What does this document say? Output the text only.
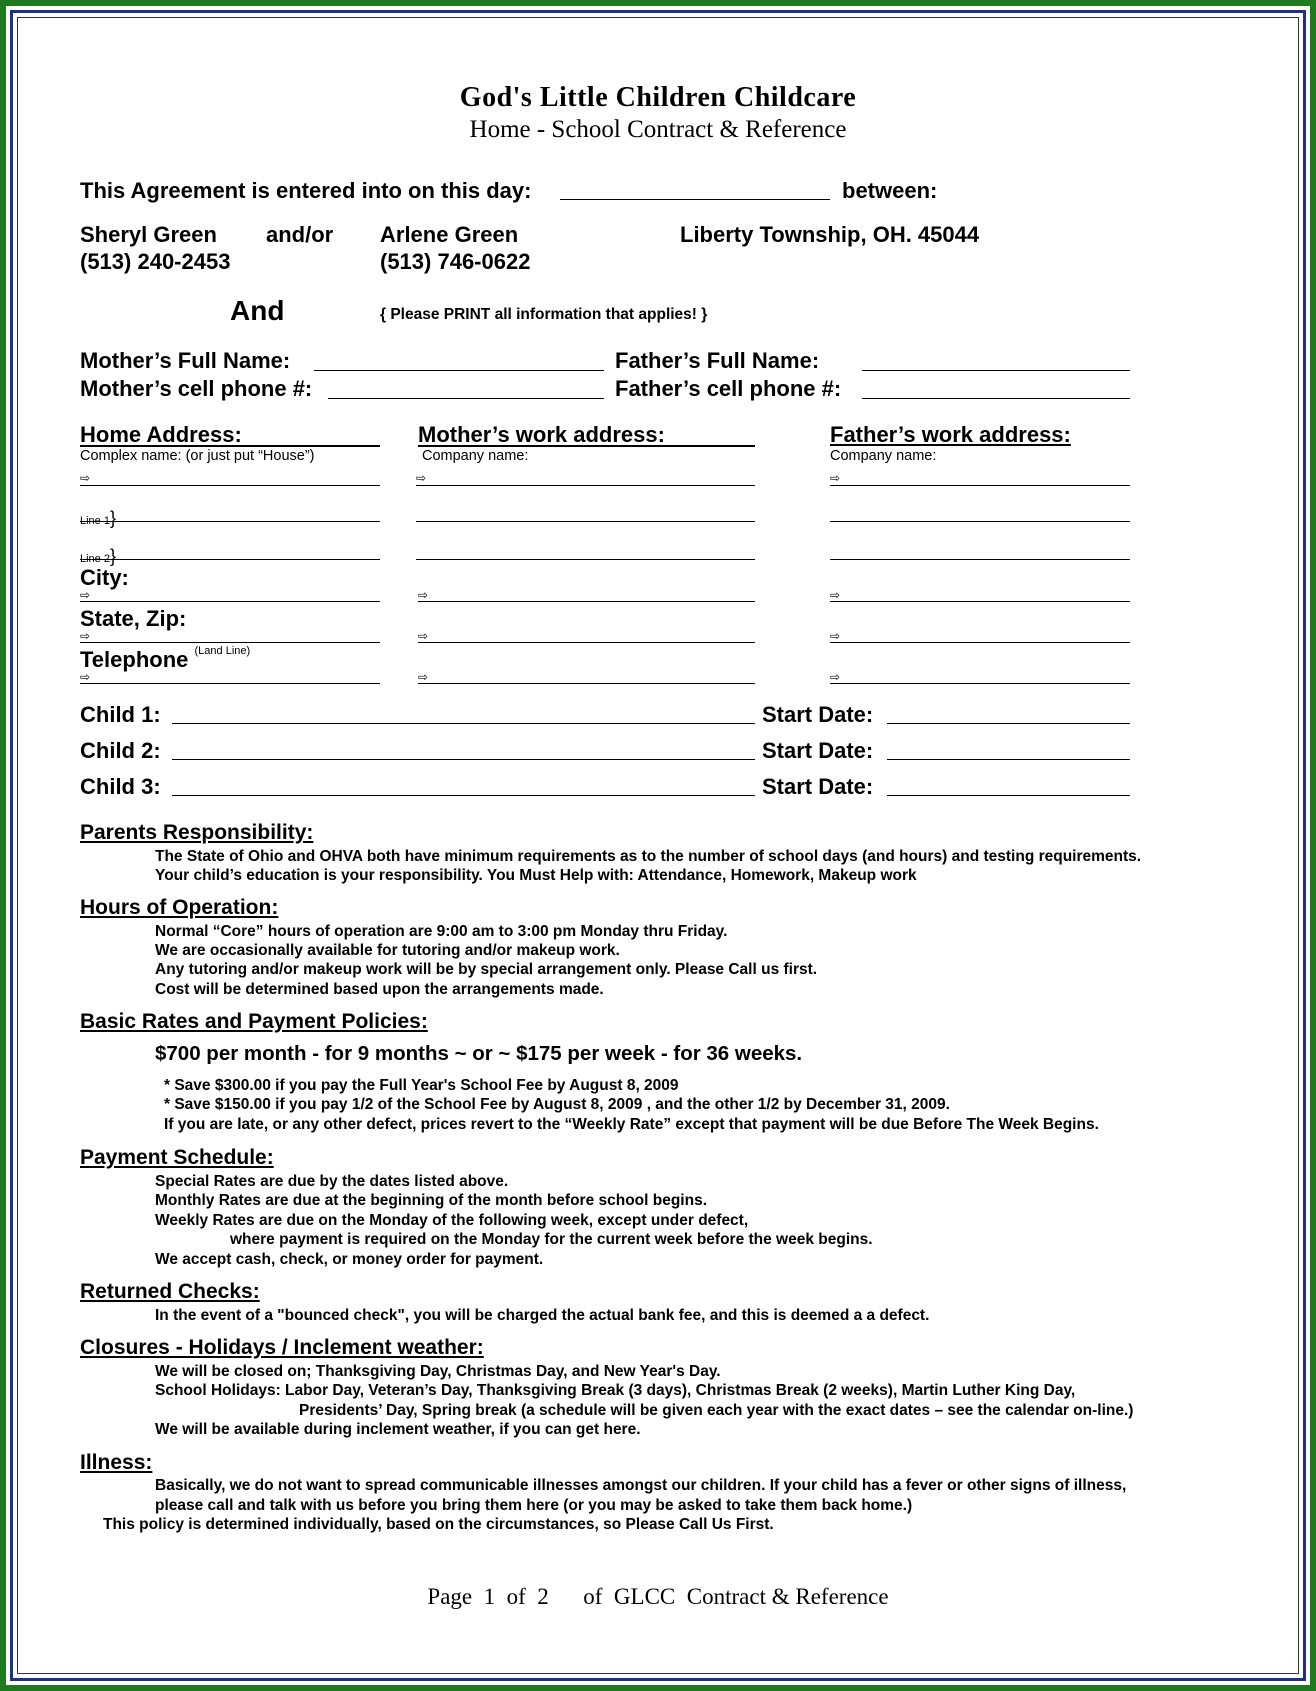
God's Little Children Childcare
Home - School Contract & Reference
This Agreement is entered into on this day:	between:
Sheryl Green and/or Arlene Green	Liberty Township, OH. 45044
(513) 240-2453	(513) 746-0622
And	{ Please PRINT all information that applies! }
Mother’s Full Name:	Father’s Full Name:
Mother’s cell phone #:	Father’s cell phone #:
Home Address:	Mother’s work address:	Father’s work address:
Complex name: (or just put “House”)	Company name:	Company name:
⇨	⇨	⇨
Line 1}
Line 2}
City:
⇨	⇨	⇨
State, Zip:
⇨	⇨	⇨
Telephone $^{(Land Line)}$
⇨	⇨	⇨
Child 1:	Start Date:
Child 2:	Start Date:
Child 3:	Start Date:
Parents Responsibility:
The State of Ohio and OHVA both have minimum requirements as to the number of school days (and hours) and testing requirements.
Your child’s education is your responsibility. You Must Help with: Attendance, Homework, Makeup work
Hours of Operation:
Normal “Core” hours of operation are 9:00 am to 3:00 pm Monday thru Friday.
We are occasionally available for tutoring and/or makeup work.
Any tutoring and/or makeup work will be by special arrangement only. Please Call us first.
Cost will be determined based upon the arrangements made.
Basic Rates and Payment Policies:
$700 per month - for 9 months ~ or ~ $175 per week - for 36 weeks.
* Save $300.00 if you pay the Full Year's School Fee by August 8, 2009
* Save $150.00 if you pay 1/2 of the School Fee by August 8, 2009 , and the other 1/2 by December 31, 2009.
If you are late, or any other defect, prices revert to the “Weekly Rate” except that payment will be due Before The Week Begins.
Payment Schedule:
Special Rates are due by the dates listed above.
Monthly Rates are due at the beginning of the month before school begins.
Weekly Rates are due on the Monday of the following week, except under defect,
where payment is required on the Monday for the current week before the week begins.
We accept cash, check, or money order for payment.
Returned Checks:
In the event of a "bounced check", you will be charged the actual bank fee, and this is deemed a a defect.
Closures - Holidays / Inclement weather:
We will be closed on; Thanksgiving Day, Christmas Day, and New Year's Day.
School Holidays: Labor Day, Veteran’s Day, Thanksgiving Break (3 days), Christmas Break (2 weeks), Martin Luther King Day,
Presidents’ Day, Spring break (a schedule will be given each year with the exact dates – see the calendar on-line.)
We will be available during inclement weather, if you can get here.
Illness:
Basically, we do not want to spread communicable illnesses amongst our children. If your child has a fever or other signs of illness,
please call and talk with us before you bring them here (or you may be asked to take them back home.)
This policy is determined individually, based on the circumstances, so Please Call Us First.
Page  1  of  2      of  GLCC  Contract & Reference
